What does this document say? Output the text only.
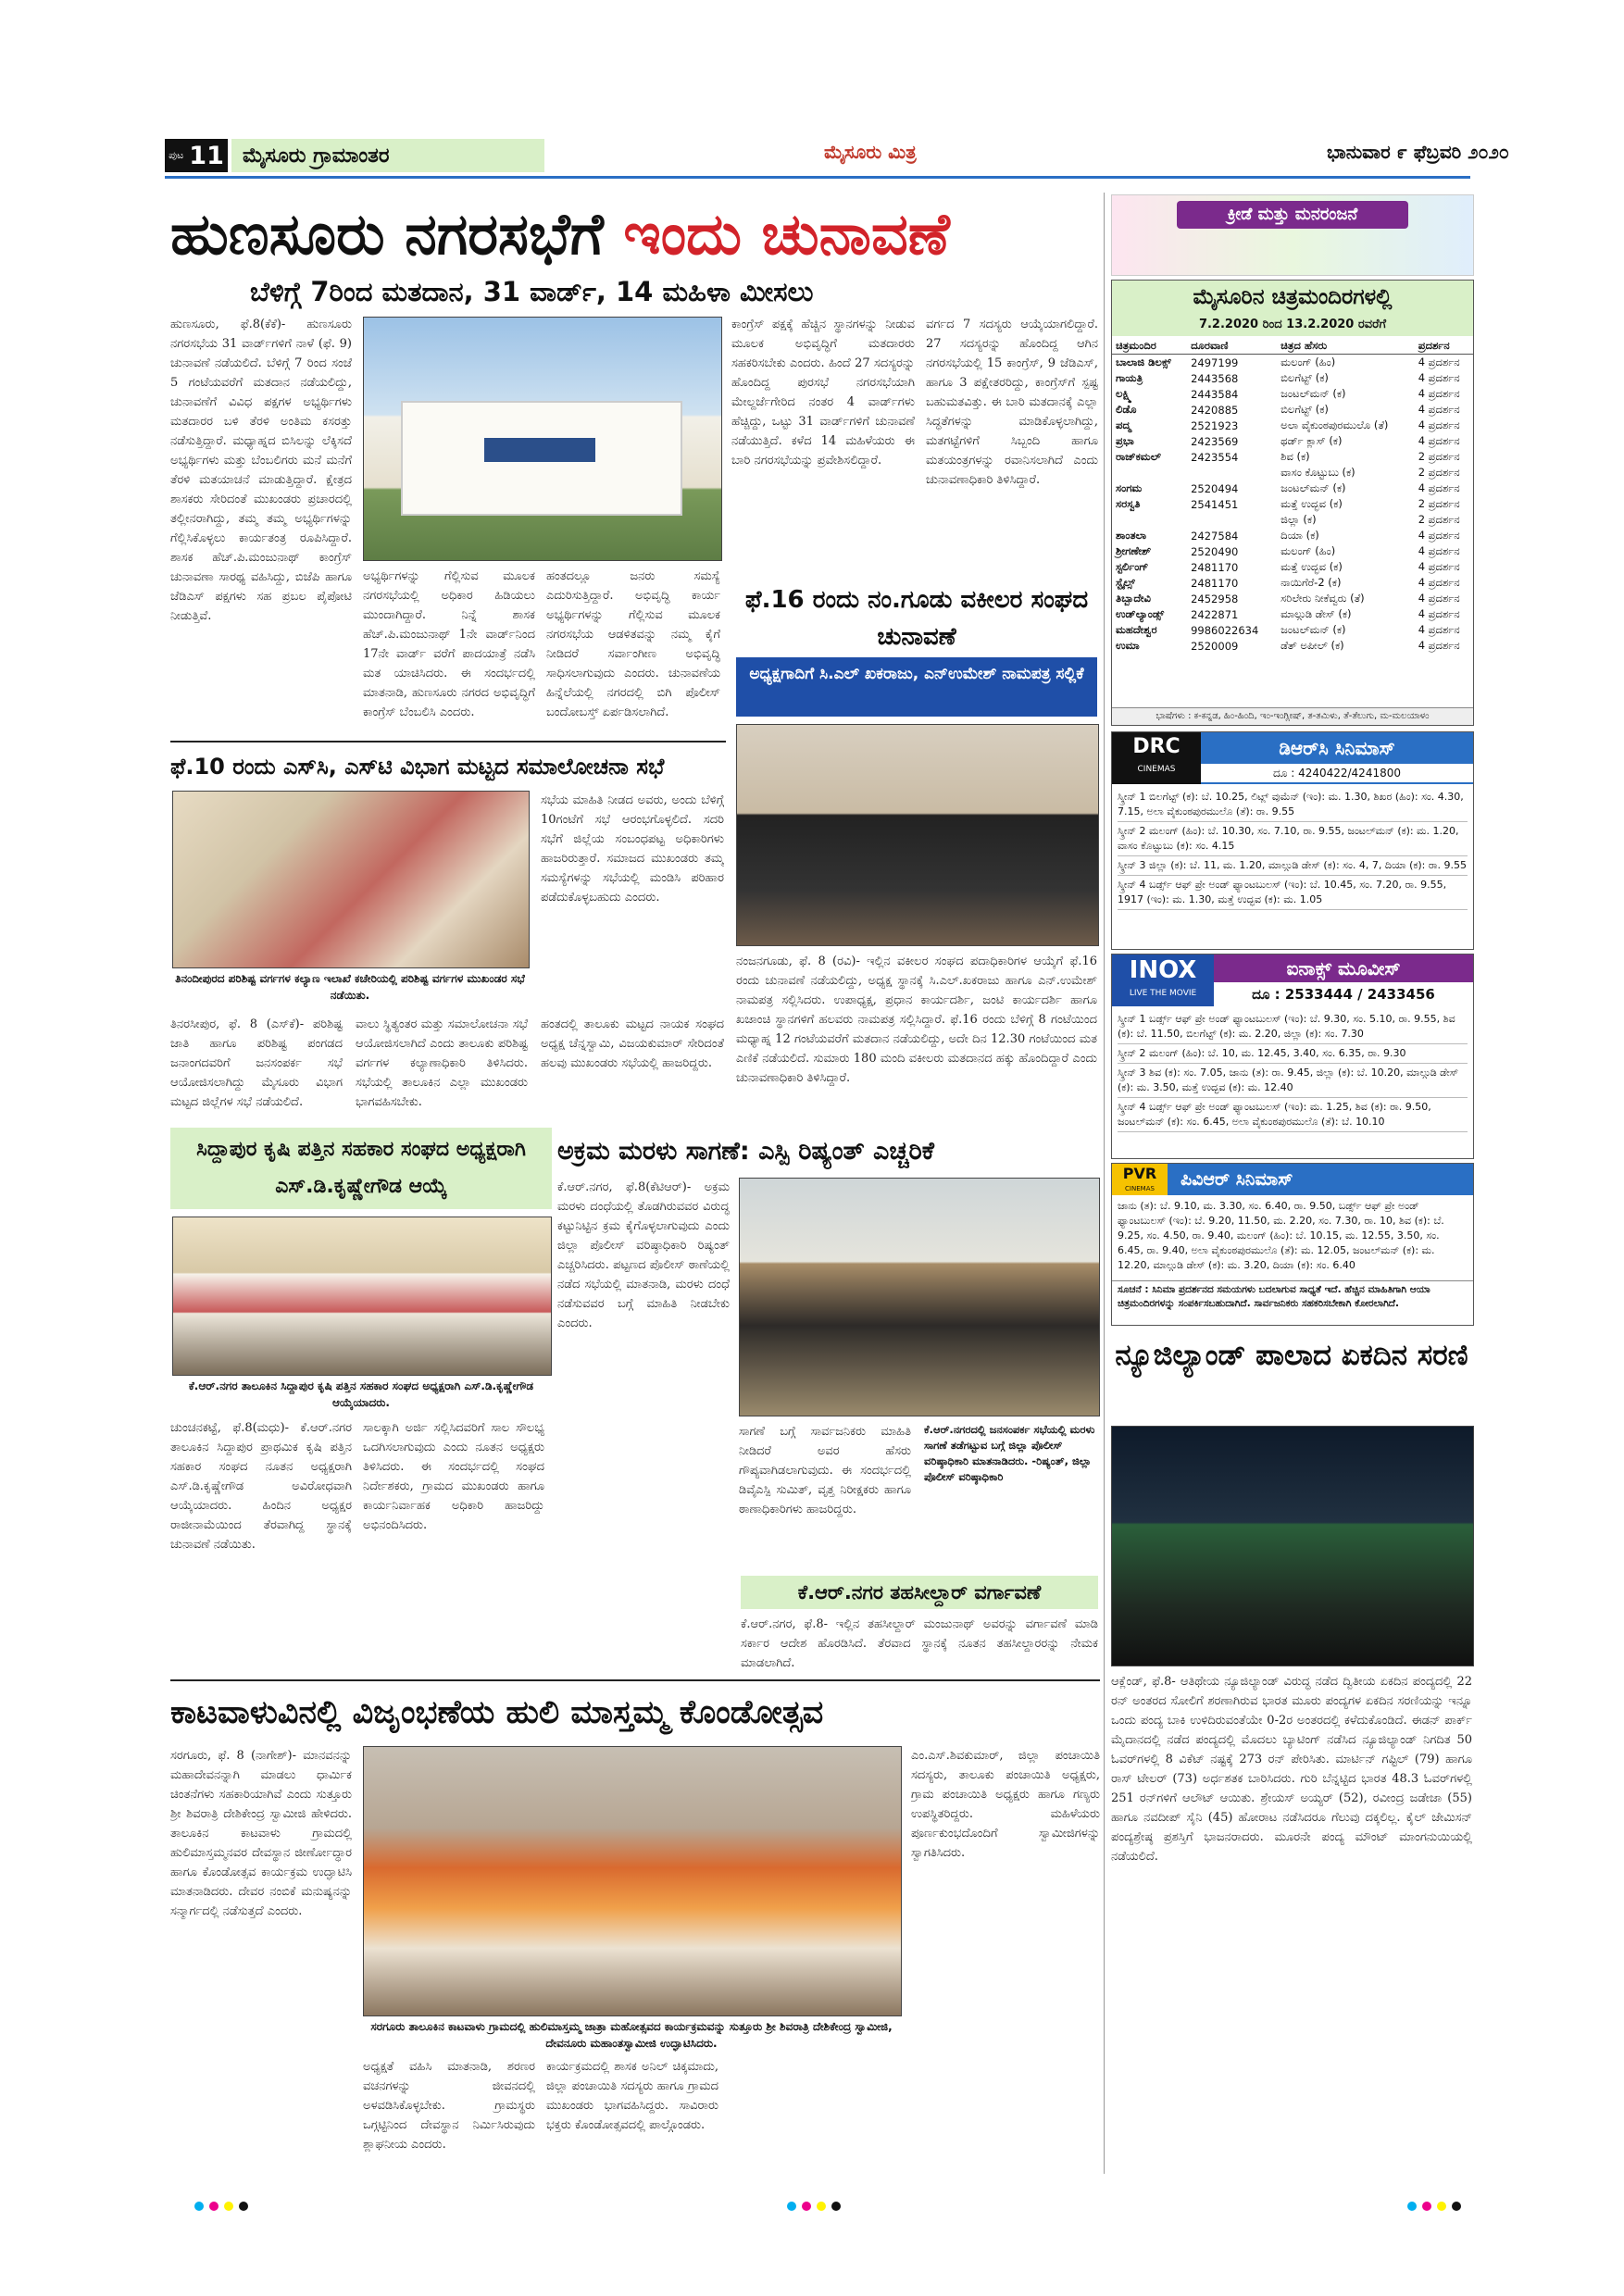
ಪುಟ 11 ಮೈಸೂರು ಗ್ರಾಮಾಂತರ	ಮೈಸೂರು ಮಿತ್ರ	ಭಾನುವಾರ ೯ ಫೆಬ್ರವರಿ ೨೦೨೦
ಹುಣಸೂರು ನಗರಸಭೆಗೆ ಇಂದು ಚುನಾವಣೆ
ಬೆಳಿಗ್ಗೆ 7ರಿಂದ ಮತದಾನ, 31 ವಾರ್ಡ್, 14 ಮಹಿಳಾ ಮೀಸಲು
ಹುಣಸೂರು, ಫೆ.8(ಕೆಕೆ)- ಹುಣಸೂರು ನಗರಸಭೆಯ 31 ವಾರ್ಡ್‌ಗಳಿಗೆ ನಾಳೆ (ಫೆ. 9) ಚುನಾವಣೆ ನಡೆಯಲಿದೆ. ಬೆಳಿಗ್ಗೆ 7 ರಿಂದ ಸಂಜೆ 5 ಗಂಟೆಯವರೆಗೆ ಮತದಾನ ನಡೆಯಲಿದ್ದು, ಚುನಾವಣೆಗೆ ವಿವಿಧ ಪಕ್ಷಗಳ ಅಭ್ಯರ್ಥಿಗಳು ಮತದಾರರ ಬಳಿ ತೆರಳಿ ಅಂತಿಮ ಕಸರತ್ತು ನಡೆಸುತ್ತಿದ್ದಾರೆ. ಮಧ್ಯಾಹ್ನದ ಬಿಸಿಲನ್ನು ಲೆಕ್ಕಿಸದೆ ಅಭ್ಯರ್ಥಿಗಳು ಮತ್ತು ಬೆಂಬಲಿಗರು ಮನೆ ಮನೆಗೆ ತೆರಳಿ ಮತಯಾಚನೆ ಮಾಡುತ್ತಿದ್ದಾರೆ. ಕ್ಷೇತ್ರದ ಶಾಸಕರು ಸೇರಿದಂತೆ ಮುಖಂಡರು ಪ್ರಚಾರದಲ್ಲಿ ತಲ್ಲೀನರಾಗಿದ್ದು, ತಮ್ಮ ತಮ್ಮ ಅಭ್ಯರ್ಥಿಗಳನ್ನು ಗೆಲ್ಲಿಸಿಕೊಳ್ಳಲು ಕಾರ್ಯತಂತ್ರ ರೂಪಿಸಿದ್ದಾರೆ. ಶಾಸಕ ಹೆಚ್.ಪಿ.ಮಂಜುನಾಥ್ ಕಾಂಗ್ರೆಸ್ ಚುನಾವಣಾ ಸಾರಥ್ಯ ವಹಿಸಿದ್ದು, ಬಿಜೆಪಿ ಹಾಗೂ ಜೆಡಿಎಸ್ ಪಕ್ಷಗಳು ಸಹ ಪ್ರಬಲ ಪೈಪೋಟಿ ನೀಡುತ್ತಿವೆ.
ಅಭ್ಯರ್ಥಿಗಳನ್ನು ಗೆಲ್ಲಿಸುವ ಮೂಲಕ ನಗರಸಭೆಯಲ್ಲಿ ಅಧಿಕಾರ ಹಿಡಿಯಲು ಮುಂದಾಗಿದ್ದಾರೆ. ನಿನ್ನೆ ಶಾಸಕ ಹೆಚ್.ಪಿ.ಮಂಜುನಾಥ್ 1ನೇ ವಾರ್ಡ್‌ನಿಂದ 17ನೇ ವಾರ್ಡ್ ವರೆಗೆ ಪಾದಯಾತ್ರೆ ನಡೆಸಿ ಮತ ಯಾಚಿಸಿದರು. ಈ ಸಂದರ್ಭದಲ್ಲಿ ಮಾತನಾಡಿ, ಹುಣಸೂರು ನಗರದ ಅಭಿವೃದ್ಧಿಗೆ ಕಾಂಗ್ರೆಸ್ ಬೆಂಬಲಿಸಿ ಎಂದರು.
ಹಂತದಲ್ಲೂ ಜನರು ಸಮಸ್ಯೆ ಎದುರಿಸುತ್ತಿದ್ದಾರೆ. ಅಭಿವೃದ್ಧಿ ಕಾರ್ಯ ಅಭ್ಯರ್ಥಿಗಳನ್ನು ಗೆಲ್ಲಿಸುವ ಮೂಲಕ ನಗರಸಭೆಯ ಆಡಳಿತವನ್ನು ನಮ್ಮ ಕೈಗೆ ನೀಡಿದರೆ ಸರ್ವಾಂಗೀಣ ಅಭಿವೃದ್ಧಿ ಸಾಧಿಸಲಾಗುವುದು ಎಂದರು. ಚುನಾವಣೆಯ ಹಿನ್ನೆಲೆಯಲ್ಲಿ ನಗರದಲ್ಲಿ ಬಿಗಿ ಪೊಲೀಸ್ ಬಂದೋಬಸ್ತ್ ಏರ್ಪಡಿಸಲಾಗಿದೆ.
ಕಾಂಗ್ರೆಸ್ ಪಕ್ಷಕ್ಕೆ ಹೆಚ್ಚಿನ ಸ್ಥಾನಗಳನ್ನು ನೀಡುವ ಮೂಲಕ ಅಭಿವೃದ್ಧಿಗೆ ಮತದಾರರು ಸಹಕರಿಸಬೇಕು ಎಂದರು. ಹಿಂದೆ 27 ಸದಸ್ಯರನ್ನು ಹೊಂದಿದ್ದ ಪುರಸಭೆ ನಗರಸಭೆಯಾಗಿ ಮೇಲ್ದರ್ಜೆಗೇರಿದ ನಂತರ 4 ವಾರ್ಡ್‌ಗಳು ಹೆಚ್ಚಿದ್ದು, ಒಟ್ಟು 31 ವಾರ್ಡ್‌ಗಳಿಗೆ ಚುನಾವಣೆ ನಡೆಯುತ್ತಿದೆ. ಕಳೆದ 14 ಮಹಿಳೆಯರು ಈ ಬಾರಿ ನಗರಸಭೆಯನ್ನು ಪ್ರವೇಶಿಸಲಿದ್ದಾರೆ.
ವರ್ಗದ 7 ಸದಸ್ಯರು ಆಯ್ಕೆಯಾಗಲಿದ್ದಾರೆ. 27 ಸದಸ್ಯರನ್ನು ಹೊಂದಿದ್ದ ಆಗಿನ ನಗರಸಭೆಯಲ್ಲಿ 15 ಕಾಂಗ್ರೆಸ್, 9 ಜೆಡಿಎಸ್, ಹಾಗೂ 3 ಪಕ್ಷೇತರರಿದ್ದು, ಕಾಂಗ್ರೆಸ್‌ಗೆ ಸ್ಪಷ್ಟ ಬಹುಮತವಿತ್ತು. ಈ ಬಾರಿ ಮತದಾನಕ್ಕೆ ಎಲ್ಲಾ ಸಿದ್ಧತೆಗಳನ್ನು ಮಾಡಿಕೊಳ್ಳಲಾಗಿದ್ದು, ಮತಗಟ್ಟೆಗಳಿಗೆ ಸಿಬ್ಬಂದಿ ಹಾಗೂ ಮತಯಂತ್ರಗಳನ್ನು ರವಾನಿಸಲಾಗಿದೆ ಎಂದು ಚುನಾವಣಾಧಿಕಾರಿ ತಿಳಿಸಿದ್ದಾರೆ.
ಫೆ.16 ರಂದು ನಂ.ಗೂಡು ವಕೀಲರ ಸಂಘದ ಚುನಾವಣೆ
ಅಧ್ಯಕ್ಷಗಾದಿಗೆ ಸಿ.ಎಲ್ ಖಕರಾಜು, ಎನ್‌ಉಮೇಶ್ ನಾಮಪತ್ರ ಸಲ್ಲಿಕೆ
ನಂಜನಗೂಡು, ಫೆ. 8 (ರವಿ)- ಇಲ್ಲಿನ ವಕೀಲರ ಸಂಘದ ಪದಾಧಿಕಾರಿಗಳ ಆಯ್ಕೆಗೆ ಫೆ.16 ರಂದು ಚುನಾವಣೆ ನಡೆಯಲಿದ್ದು, ಅಧ್ಯಕ್ಷ ಸ್ಥಾನಕ್ಕೆ ಸಿ.ಎಲ್.ಖಕರಾಜು ಹಾಗೂ ಎನ್.ಉಮೇಶ್ ನಾಮಪತ್ರ ಸಲ್ಲಿಸಿದರು. ಉಪಾಧ್ಯಕ್ಷ, ಪ್ರಧಾನ ಕಾರ್ಯದರ್ಶಿ, ಜಂಟಿ ಕಾರ್ಯದರ್ಶಿ ಹಾಗೂ ಖಜಾಂಚಿ ಸ್ಥಾನಗಳಿಗೆ ಹಲವರು ನಾಮಪತ್ರ ಸಲ್ಲಿಸಿದ್ದಾರೆ. ಫೆ.16 ರಂದು ಬೆಳಿಗ್ಗೆ 8 ಗಂಟೆಯಿಂದ ಮಧ್ಯಾಹ್ನ 12 ಗಂಟೆಯವರೆಗೆ ಮತದಾನ ನಡೆಯಲಿದ್ದು, ಅದೇ ದಿನ 12.30 ಗಂಟೆಯಿಂದ ಮತ ಎಣಿಕೆ ನಡೆಯಲಿದೆ. ಸುಮಾರು 180 ಮಂದಿ ವಕೀಲರು ಮತದಾನದ ಹಕ್ಕು ಹೊಂದಿದ್ದಾರೆ ಎಂದು ಚುನಾವಣಾಧಿಕಾರಿ ತಿಳಿಸಿದ್ದಾರೆ.
ಫೆ.10 ರಂದು ಎಸ್‌ಸಿ, ಎಸ್‌ಟಿ ವಿಭಾಗ ಮಟ್ಟದ ಸಮಾಲೋಚನಾ ಸಭೆ
ತಿನಂದೀಪುರದ ಪರಿಶಿಷ್ಟ ವರ್ಗಗಳ ಕಲ್ಯಾಣ ಇಲಾಖೆ ಕಚೇರಿಯಲ್ಲಿ ಪರಿಶಿಷ್ಟ ವರ್ಗಗಳ ಮುಖಂಡರ ಸಭೆ ನಡೆಯಿತು.
ಸಭೆಯ ಮಾಹಿತಿ ನೀಡದ ಅವರು, ಅಂದು ಬೆಳಿಗ್ಗೆ 10ಗಂಟೆಗೆ ಸಭೆ ಆರಂಭಗೊಳ್ಳಲಿದೆ. ಸದರಿ ಸಭೆಗೆ ಜಿಲ್ಲೆಯ ಸಂಬಂಧಪಟ್ಟ ಅಧಿಕಾರಿಗಳು ಹಾಜರಿರುತ್ತಾರೆ. ಸಮಾಜದ ಮುಖಂಡರು ತಮ್ಮ ಸಮಸ್ಯೆಗಳನ್ನು ಸಭೆಯಲ್ಲಿ ಮಂಡಿಸಿ ಪರಿಹಾರ ಪಡೆದುಕೊಳ್ಳಬಹುದು ಎಂದರು.
ತಿನರಸೀಪುರ, ಫೆ. 8 (ಎಸ್‌ಕೆ)- ಪರಿಶಿಷ್ಟ ಜಾತಿ ಹಾಗೂ ಪರಿಶಿಷ್ಟ ಪಂಗಡದ ಜನಾಂಗದವರಿಗೆ ಜನಸಂಪರ್ಕ ಸಭೆ ಆಯೋಜಿಸಲಾಗಿದ್ದು ಮೈಸೂರು ವಿಭಾಗ ಮಟ್ಟದ ಜಿಲ್ಲೆಗಳ ಸಭೆ ನಡೆಯಲಿದೆ.
ವಾಲು ಸ್ಥಿತ್ಯಂತರ ಮತ್ತು ಸಮಾಲೋಚನಾ ಸಭೆ ಆಯೋಜಿಸಲಾಗಿದೆ ಎಂದು ತಾಲೂಕು ಪರಿಶಿಷ್ಟ ವರ್ಗಗಳ ಕಲ್ಯಾಣಾಧಿಕಾರಿ ತಿಳಿಸಿದರು. ಸಭೆಯಲ್ಲಿ ತಾಲೂಕಿನ ಎಲ್ಲಾ ಮುಖಂಡರು ಭಾಗವಹಿಸಬೇಕು.
ಹಂತದಲ್ಲಿ ತಾಲೂಕು ಮಟ್ಟದ ನಾಯಕ ಸಂಘದ ಅಧ್ಯಕ್ಷ ಚೆನ್ನಸ್ವಾಮಿ, ವಿಜಯಕುಮಾರ್ ಸೇರಿದಂತೆ ಹಲವು ಮುಖಂಡರು ಸಭೆಯಲ್ಲಿ ಹಾಜರಿದ್ದರು.
ಸಿದ್ದಾಪುರ ಕೃಷಿ ಪತ್ತಿನ ಸಹಕಾರ ಸಂಘದ ಅಧ್ಯಕ್ಷರಾಗಿ ಎಸ್.ಡಿ.ಕೃಷ್ಣೇಗೌಡ ಆಯ್ಕೆ
ಕೆ.ಆರ್.ನಗರ ತಾಲೂಕಿನ ಸಿದ್ದಾಪುರ ಕೃಷಿ ಪತ್ತಿನ ಸಹಕಾರ ಸಂಘದ ಅಧ್ಯಕ್ಷರಾಗಿ ಎಸ್.ಡಿ.ಕೃಷ್ಣೇಗೌಡ ಆಯ್ಕೆಯಾದರು.
ಚುಂಚನಕಟ್ಟೆ, ಫೆ.8(ಮಧು)- ಕೆ.ಆರ್.ನಗರ ತಾಲೂಕಿನ ಸಿದ್ದಾಪುರ ಪ್ರಾಥಮಿಕ ಕೃಷಿ ಪತ್ತಿನ ಸಹಕಾರ ಸಂಘದ ನೂತನ ಅಧ್ಯಕ್ಷರಾಗಿ ಎಸ್.ಡಿ.ಕೃಷ್ಣೇಗೌಡ ಅವಿರೋಧವಾಗಿ ಆಯ್ಕೆಯಾದರು. ಹಿಂದಿನ ಅಧ್ಯಕ್ಷರ ರಾಜೀನಾಮೆಯಿಂದ ತೆರವಾಗಿದ್ದ ಸ್ಥಾನಕ್ಕೆ ಚುನಾವಣೆ ನಡೆಯಿತು.
ಸಾಲಕ್ಕಾಗಿ ಅರ್ಜಿ ಸಲ್ಲಿಸಿದವರಿಗೆ ಸಾಲ ಸೌಲಭ್ಯ ಒದಗಿಸಲಾಗುವುದು ಎಂದು ನೂತನ ಅಧ್ಯಕ್ಷರು ತಿಳಿಸಿದರು. ಈ ಸಂದರ್ಭದಲ್ಲಿ ಸಂಘದ ನಿರ್ದೇಶಕರು, ಗ್ರಾಮದ ಮುಖಂಡರು ಹಾಗೂ ಕಾರ್ಯನಿರ್ವಾಹಕ ಅಧಿಕಾರಿ ಹಾಜರಿದ್ದು ಅಭಿನಂದಿಸಿದರು.
ಅಕ್ರಮ ಮರಳು ಸಾಗಣೆ: ಎಸ್ಪಿ ರಿಷ್ಯಂತ್ ಎಚ್ಚರಿಕೆ
ಕೆ.ಆರ್.ನಗರ, ಫೆ.8(ಕೆಟಿಆರ್)- ಅಕ್ರಮ ಮರಳು ದಂಧೆಯಲ್ಲಿ ತೊಡಗಿರುವವರ ವಿರುದ್ಧ ಕಟ್ಟುನಿಟ್ಟಿನ ಕ್ರಮ ಕೈಗೊಳ್ಳಲಾಗುವುದು ಎಂದು ಜಿಲ್ಲಾ ಪೊಲೀಸ್ ವರಿಷ್ಠಾಧಿಕಾರಿ ರಿಷ್ಯಂತ್ ಎಚ್ಚರಿಸಿದರು. ಪಟ್ಟಣದ ಪೊಲೀಸ್ ಠಾಣೆಯಲ್ಲಿ ನಡೆದ ಸಭೆಯಲ್ಲಿ ಮಾತನಾಡಿ, ಮರಳು ದಂಧೆ ನಡೆಸುವವರ ಬಗ್ಗೆ ಮಾಹಿತಿ ನೀಡಬೇಕು ಎಂದರು.
ಸಾಗಣೆ ಬಗ್ಗೆ ಸಾರ್ವಜನಿಕರು ಮಾಹಿತಿ ನೀಡಿದರೆ ಅವರ ಹೆಸರು ಗೌಪ್ಯವಾಗಿಡಲಾಗುವುದು. ಈ ಸಂದರ್ಭದಲ್ಲಿ ಡಿವೈಎಸ್ಪಿ ಸುಮಿತ್, ವೃತ್ತ ನಿರೀಕ್ಷಕರು ಹಾಗೂ ಠಾಣಾಧಿಕಾರಿಗಳು ಹಾಜರಿದ್ದರು.
ಕೆ.ಆರ್.ನಗರದಲ್ಲಿ ಜನಸಂಪರ್ಕ ಸಭೆಯಲ್ಲಿ ಮರಳು ಸಾಗಣೆ ತಡೆಗಟ್ಟುವ ಬಗ್ಗೆ ಜಿಲ್ಲಾ ಪೊಲೀಸ್ ವರಿಷ್ಠಾಧಿಕಾರಿ ಮಾತನಾಡಿದರು. -ರಿಷ್ಯಂತ್, ಜಿಲ್ಲಾ ಪೊಲೀಸ್ ವರಿಷ್ಠಾಧಿಕಾರಿ
ಕೆ.ಆರ್.ನಗರ ತಹಸೀಲ್ದಾರ್ ವರ್ಗಾವಣೆ
ಕೆ.ಆರ್.ನಗರ, ಫೆ.8- ಇಲ್ಲಿನ ತಹಸೀಲ್ದಾರ್ ಮಂಜುನಾಥ್ ಅವರನ್ನು ವರ್ಗಾವಣೆ ಮಾಡಿ ಸರ್ಕಾರ ಆದೇಶ ಹೊರಡಿಸಿದೆ. ತೆರವಾದ ಸ್ಥಾನಕ್ಕೆ ನೂತನ ತಹಸೀಲ್ದಾರರನ್ನು ನೇಮಕ ಮಾಡಲಾಗಿದೆ.
ಕಾಟವಾಳುವಿನಲ್ಲಿ ವಿಜೃಂಭಣೆಯ ಹುಲಿ ಮಾಸ್ತಮ್ಮ ಕೊಂಡೋತ್ಸವ
ಸರಗೂರು, ಫೆ. 8 (ನಾಗೇಶ್)- ಮಾನವನನ್ನು ಮಹಾದೇವನನ್ನಾಗಿ ಮಾಡಲು ಧಾರ್ಮಿಕ ಚಿಂತನೆಗಳು ಸಹಕಾರಿಯಾಗಿವೆ ಎಂದು ಸುತ್ತೂರು ಶ್ರೀ ಶಿವರಾತ್ರಿ ದೇಶಿಕೇಂದ್ರ ಸ್ವಾಮೀಜಿ ಹೇಳಿದರು. ತಾಲೂಕಿನ ಕಾಟವಾಳು ಗ್ರಾಮದಲ್ಲಿ ಹುಲಿಮಾಸ್ತಮ್ಮನವರ ದೇವಸ್ಥಾನ ಜೀರ್ಣೋದ್ಧಾರ ಹಾಗೂ ಕೊಂಡೋತ್ಸವ ಕಾರ್ಯಕ್ರಮ ಉದ್ಘಾಟಿಸಿ ಮಾತನಾಡಿದರು. ದೇವರ ನಂಬಿಕೆ ಮನುಷ್ಯನನ್ನು ಸನ್ಮಾರ್ಗದಲ್ಲಿ ನಡೆಸುತ್ತದೆ ಎಂದರು.
ಸರಗೂರು ತಾಲೂಕಿನ ಕಾಟವಾಳು ಗ್ರಾಮದಲ್ಲಿ ಹುಲಿಮಾಸ್ತಮ್ಮ ಜಾತ್ರಾ ಮಹೋತ್ಸವದ ಕಾರ್ಯಕ್ರಮವನ್ನು ಸುತ್ತೂರು ಶ್ರೀ ಶಿವರಾತ್ರಿ ದೇಶಿಕೇಂದ್ರ ಸ್ವಾಮೀಜಿ, ದೇವನೂರು ಮಹಾಂತಸ್ವಾಮೀಜಿ ಉದ್ಘಾಟಿಸಿದರು.
ಅಧ್ಯಕ್ಷತೆ ವಹಿಸಿ ಮಾತನಾಡಿ, ಶರಣರ ವಚನಗಳನ್ನು ಜೀವನದಲ್ಲಿ ಅಳವಡಿಸಿಕೊಳ್ಳಬೇಕು. ಗ್ರಾಮಸ್ಥರು ಒಗ್ಗಟ್ಟಿನಿಂದ ದೇವಸ್ಥಾನ ನಿರ್ಮಿಸಿರುವುದು ಶ್ಲಾಘನೀಯ ಎಂದರು.
ಕಾರ್ಯಕ್ರಮದಲ್ಲಿ ಶಾಸಕ ಅನಿಲ್ ಚಿಕ್ಕಮಾದು, ಜಿಲ್ಲಾ ಪಂಚಾಯಿತಿ ಸದಸ್ಯರು ಹಾಗೂ ಗ್ರಾಮದ ಮುಖಂಡರು ಭಾಗವಹಿಸಿದ್ದರು. ಸಾವಿರಾರು ಭಕ್ತರು ಕೊಂಡೋತ್ಸವದಲ್ಲಿ ಪಾಲ್ಗೊಂಡರು.
ಎಂ.ಎಸ್.ಶಿವಕುಮಾರ್, ಜಿಲ್ಲಾ ಪಂಚಾಯಿತಿ ಸದಸ್ಯರು, ತಾಲೂಕು ಪಂಚಾಯಿತಿ ಅಧ್ಯಕ್ಷರು, ಗ್ರಾಮ ಪಂಚಾಯಿತಿ ಅಧ್ಯಕ್ಷರು ಹಾಗೂ ಗಣ್ಯರು ಉಪಸ್ಥಿತರಿದ್ದರು. ಮಹಿಳೆಯರು ಪೂರ್ಣಕುಂಭದೊಂದಿಗೆ ಸ್ವಾಮೀಜಿಗಳನ್ನು ಸ್ವಾಗತಿಸಿದರು.
ಕ್ರೀಡೆ ಮತ್ತು ಮನರಂಜನೆ
ಮೈಸೂರಿನ ಚಿತ್ರಮಂದಿರಗಳಲ್ಲಿ
7.2.2020 ರಿಂದ 13.2.2020 ರವರೆಗೆ
ಚಿತ್ರಮಂದಿರ	ದೂರವಾಣಿ	ಚಿತ್ರದ ಹೆಸರು	ಪ್ರದರ್ಶನ
ಬಾಲಾಜಿ ಡಿಲಕ್ಸ್	2497199	ಮಲಂಗ್ (ಹಿಂ)	4 ಪ್ರದರ್ಶನ
ಗಾಯತ್ರಿ	2443568	ಬಿಲಗೆಟ್ಟ್ (ಕ)	4 ಪ್ರದರ್ಶನ
ಲಕ್ಷ್ಮಿ	2443584	ಜಂಟಲ್‌ಮನ್ (ಕ)	4 ಪ್ರದರ್ಶನ
ಲಿಡೊ	2420885	ಬಿಲಗೆಟ್ಟ್ (ಕ)	4 ಪ್ರದರ್ಶನ
ಪದ್ಮ	2521923	ಅಲಾ ವೈಕುಂಠಪುರಮುಲೊ (ತೆ)	4 ಪ್ರದರ್ಶನ
ಪ್ರಭಾ	2423569	ಥರ್ಡ್ ಕ್ಲಾಸ್ (ಕ)	4 ಪ್ರದರ್ಶನ
ರಾಜ್‌ಕಮಲ್	2423554	ಶಿವ (ಕ)	2 ಪ್ರದರ್ಶನ
		ವಾಸಂ ಕೊಟ್ಟುಬು (ಕ)	2 ಪ್ರದರ್ಶನ
ಸಂಗಮ	2520494	ಜಂಟಲ್‌ಮನ್ (ಕ)	4 ಪ್ರದರ್ಶನ
ಸರಸ್ವತಿ	2541451	ಮತ್ತೆ ಉದ್ಭವ (ಕ)	2 ಪ್ರದರ್ಶನ
		ಜಿಲ್ಲಾ (ಕ)	2 ಪ್ರದರ್ಶನ
ಶಾಂತಲಾ	2427584	ದಿಯಾ (ಕ)	4 ಪ್ರದರ್ಶನ
ಶ್ರೀಗಣೇಶ್	2520490	ಮಲಂಗ್ (ಹಿಂ)	4 ಪ್ರದರ್ಶನ
ಸ್ಟರ್ಲಿಂಗ್	2481170	ಮತ್ತೆ ಉದ್ಭವ (ಕ)	4 ಪ್ರದರ್ಶನ
ಸ್ಟೈಲ್ಸ್	2481170	ನಾಯಿಗೆರೆ-2 (ಕ)	4 ಪ್ರದರ್ಶನ
ತಿಬ್ಬಾದೇವಿ	2452958	ಸರಿಲೇರು ನೀಕೆವ್ವರು (ತೆ)	4 ಪ್ರದರ್ಶನ
ಉಡ್‌ಲ್ಯಾಂಡ್ಸ್	2422871	ಮಾಲ್ಗುಡಿ ಡೇಸ್ (ಕ)	4 ಪ್ರದರ್ಶನ
ಮಹದೇಶ್ವರ	9986022634	ಜಂಟಲ್‌ಮನ್ (ಕ)	4 ಪ್ರದರ್ಶನ
ಉಮಾ	2520009	ಡೆತ್ ಅಪೀಲ್ (ಕ)	4 ಪ್ರದರ್ಶನ
ಭಾಷೆಗಳು : ಕ-ಕನ್ನಡ, ಹಿಂ-ಹಿಂದಿ, ಇಂ-ಇಂಗ್ಲೀಷ್, ತ-ತಮಿಳು, ತೆ-ತೆಲುಗು, ಮ-ಮಲಯಾಳಂ
DRC
CINEMAS
ಡಿಆರ್‌ಸಿ ಸಿನಿಮಾಸ್
ದೂ : 4240422/4241800
ಸ್ಕ್ರೀನ್ 1 ಬಿಲಗೆಟ್ಟ್ (ಕ): ಬೆ. 10.25, ಲಿಟ್ಲ್ ವುಮೆನ್ (ಇಂ): ಮ. 1.30, ಶಿಖರ (ಹಿಂ): ಸಂ. 4.30, 7.15, ಅಲಾ ವೈಕುಂಠಪುರಮುಲೊ (ತೆ): ರಾ. 9.55
ಸ್ಕ್ರೀನ್ 2 ಮಲಂಗ್ (ಹಿಂ): ಬೆ. 10.30, ಸಂ. 7.10, ರಾ. 9.55, ಜಂಟಲ್‌ಮನ್ (ಕ): ಮ. 1.20, ವಾಸಂ ಕೊಟ್ಟುಬು (ಕ): ಸಂ. 4.15
ಸ್ಕ್ರೀನ್ 3 ಜಿಲ್ಲಾ (ಕ): ಬೆ. 11, ಮ. 1.20, ಮಾಲ್ಗುಡಿ ಡೇಸ್ (ಕ): ಸಂ. 4, 7, ದಿಯಾ (ಕ): ರಾ. 9.55
ಸ್ಕ್ರೀನ್ 4 ಬರ್ಡ್ಸ್ ಆಫ್ ಪ್ರೇ ಅಂಡ್ ಫ್ಯಾಂಟಬುಲಸ್ (ಇಂ): ಬೆ. 10.45, ಸಂ. 7.20, ರಾ. 9.55, 1917 (ಇಂ): ಮ. 1.30, ಮತ್ತೆ ಉದ್ಭವ (ಕ): ಮ. 1.05
INOX
LIVE THE MOVIE
ಐನಾಕ್ಸ್ ಮೂವೀಸ್
ದೂ : 2533444 / 2433456
ಸ್ಕ್ರೀನ್ 1 ಬರ್ಡ್ಸ್ ಆಫ್ ಪ್ರೇ ಅಂಡ್ ಫ್ಯಾಂಟಬುಲಸ್ (ಇಂ): ಬೆ. 9.30, ಸಂ. 5.10, ರಾ. 9.55, ಶಿವ (ಕ): ಬೆ. 11.50, ಬಿಲಗೆಟ್ಟ್ (ಕ): ಮ. 2.20, ಜಿಲ್ಲಾ (ಕ): ಸಂ. 7.30
ಸ್ಕ್ರೀನ್ 2 ಮಲಂಗ್ (ಹಿಂ): ಬೆ. 10, ಮ. 12.45, 3.40, ಸಂ. 6.35, ರಾ. 9.30
ಸ್ಕ್ರೀನ್ 3 ಶಿವ (ಕ): ಸಂ. 7.05, ಜಾನು (ತ): ರಾ. 9.45, ಜಿಲ್ಲಾ (ಕ): ಬೆ. 10.20, ಮಾಲ್ಗುಡಿ ಡೇಸ್ (ಕ): ಮ. 3.50, ಮತ್ತೆ ಉದ್ಭವ (ಕ): ಮ. 12.40
ಸ್ಕ್ರೀನ್ 4 ಬರ್ಡ್ಸ್ ಆಫ್ ಪ್ರೇ ಅಂಡ್ ಫ್ಯಾಂಟಬುಲಸ್ (ಇಂ): ಮ. 1.25, ಶಿವ (ಕ): ರಾ. 9.50, ಜಂಟಲ್‌ಮನ್ (ಕ): ಸಂ. 6.45, ಅಲಾ ವೈಕುಂಠಪುರಮುಲೊ (ತೆ): ಬೆ. 10.10
PVR
CINEMAS	ಪಿವಿಆರ್ ಸಿನಿಮಾಸ್
ಜಾನು (ತ): ಬೆ. 9.10, ಮ. 3.30, ಸಂ. 6.40, ರಾ. 9.50, ಬರ್ಡ್ಸ್ ಆಫ್ ಪ್ರೇ ಅಂಡ್ ಫ್ಯಾಂಟಬುಲಸ್ (ಇಂ): ಬೆ. 9.20, 11.50, ಮ. 2.20, ಸಂ. 7.30, ರಾ. 10, ಶಿವ (ಕ): ಬೆ. 9.25, ಸಂ. 4.50, ರಾ. 9.40, ಮಲಂಗ್ (ಹಿಂ): ಬೆ. 10.15, ಮ. 12.55, 3.50, ಸಂ. 6.45, ರಾ. 9.40, ಅಲಾ ವೈಕುಂಠಪುರಮುಲೊ (ತೆ): ಮ. 12.05, ಜಂಟಲ್‌ಮನ್ (ಕ): ಮ. 12.20, ಮಾಲ್ಗುಡಿ ಡೇಸ್ (ಕ): ಮ. 3.20, ದಿಯಾ (ಕ): ಸಂ. 6.40
ಸೂಚನೆ : ಸಿನಿಮಾ ಪ್ರದರ್ಶನದ ಸಮಯಗಳು ಬದಲಾಗುವ ಸಾಧ್ಯತೆ ಇದೆ. ಹೆಚ್ಚಿನ ಮಾಹಿತಿಗಾಗಿ ಆಯಾ ಚಿತ್ರಮಂದಿರಗಳನ್ನು ಸಂಪರ್ಕಿಸಬಹುದಾಗಿದೆ. ಸಾರ್ವಜನಿಕರು ಸಹಕರಿಸಬೇಕಾಗಿ ಕೋರಲಾಗಿದೆ.
ನ್ಯೂಜಿಲ್ಯಾಂಡ್ ಪಾಲಾದ ಏಕದಿನ ಸರಣಿ
ಆಕ್ಲೆಂಡ್, ಫೆ.8- ಆತಿಥೇಯ ನ್ಯೂಜಿಲ್ಯಾಂಡ್ ವಿರುದ್ಧ ನಡೆದ ದ್ವಿತೀಯ ಏಕದಿನ ಪಂದ್ಯದಲ್ಲಿ 22 ರನ್ ಅಂತರದ ಸೋಲಿಗೆ ಶರಣಾಗಿರುವ ಭಾರತ ಮೂರು ಪಂದ್ಯಗಳ ಏಕದಿನ ಸರಣಿಯನ್ನು ಇನ್ನೂ ಒಂದು ಪಂದ್ಯ ಬಾಕಿ ಉಳಿದಿರುವಂತೆಯೇ 0-2ರ ಅಂತರದಲ್ಲಿ ಕಳೆದುಕೊಂಡಿದೆ. ಈಡನ್ ಪಾರ್ಕ್ ಮೈದಾನದಲ್ಲಿ ನಡೆದ ಪಂದ್ಯದಲ್ಲಿ ಮೊದಲು ಬ್ಯಾಟಿಂಗ್ ನಡೆಸಿದ ನ್ಯೂಜಿಲ್ಯಾಂಡ್ ನಿಗದಿತ 50 ಓವರ್‌ಗಳಲ್ಲಿ 8 ವಿಕೆಟ್ ನಷ್ಟಕ್ಕೆ 273 ರನ್ ಪೇರಿಸಿತು. ಮಾರ್ಟಿನ್ ಗಪ್ಟಿಲ್ (79) ಹಾಗೂ ರಾಸ್ ಟೇಲರ್ (73) ಅರ್ಧಶತಕ ಬಾರಿಸಿದರು. ಗುರಿ ಬೆನ್ನಟ್ಟಿದ ಭಾರತ 48.3 ಓವರ್‌ಗಳಲ್ಲಿ 251 ರನ್‌ಗಳಿಗೆ ಆಲೌಟ್ ಆಯಿತು. ಶ್ರೇಯಸ್ ಅಯ್ಯರ್ (52), ರವೀಂದ್ರ ಜಡೇಜಾ (55) ಹಾಗೂ ನವದೀಪ್ ಸೈನಿ (45) ಹೋರಾಟ ನಡೆಸಿದರೂ ಗೆಲುವು ದಕ್ಕಲಿಲ್ಲ. ಕೈಲ್ ಜೇಮಿಸನ್ ಪಂದ್ಯಶ್ರೇಷ್ಠ ಪ್ರಶಸ್ತಿಗೆ ಭಾಜನರಾದರು. ಮೂರನೇ ಪಂದ್ಯ ಮೌಂಟ್ ಮಾಂಗನುಯಿಯಲ್ಲಿ ನಡೆಯಲಿದೆ.
